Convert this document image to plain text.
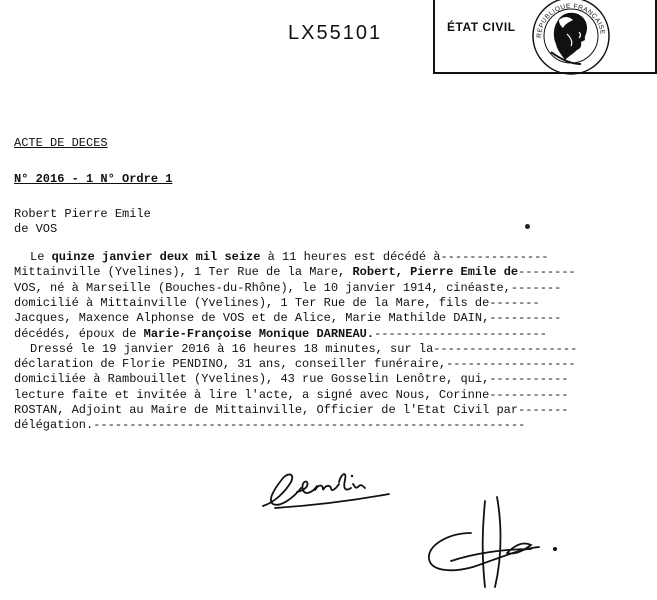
LX55101	ÉTAT CIVIL
REPUBLIQUE FRANCAISE
ACTE DE DECES
N° 2016 - 1 N° Ordre 1
Robert Pierre Emile
de VOS
Le quinze janvier deux mil seize à 11 heures est décédé à---------------
Mittainville (Yvelines), 1 Ter Rue de la Mare, Robert, Pierre Emile de--------
VOS, né à Marseille (Bouches-du-Rhône), le 10 janvier 1914, cinéaste,-------
domicilié à Mittainville (Yvelines), 1 Ter Rue de la Mare, fils de-------
Jacques, Maxence Alphonse de VOS et de Alice, Marie Mathilde DAIN,----------
décédés, époux de Marie-Françoise Monique DARNEAU.------------------------
Dressé le 19 janvier 2016 à 16 heures 18 minutes, sur la--------------------
déclaration de Florie PENDINO, 31 ans, conseiller funéraire,------------------
domiciliée à Rambouillet (Yvelines), 43 rue Gosselin Lenôtre, qui,-----------
lecture faite et invitée à lire l'acte, a signé avec Nous, Corinne-----------
ROSTAN, Adjoint au Maire de Mittainville, Officier de l'Etat Civil par-------
délégation.------------------------------------------------------------
